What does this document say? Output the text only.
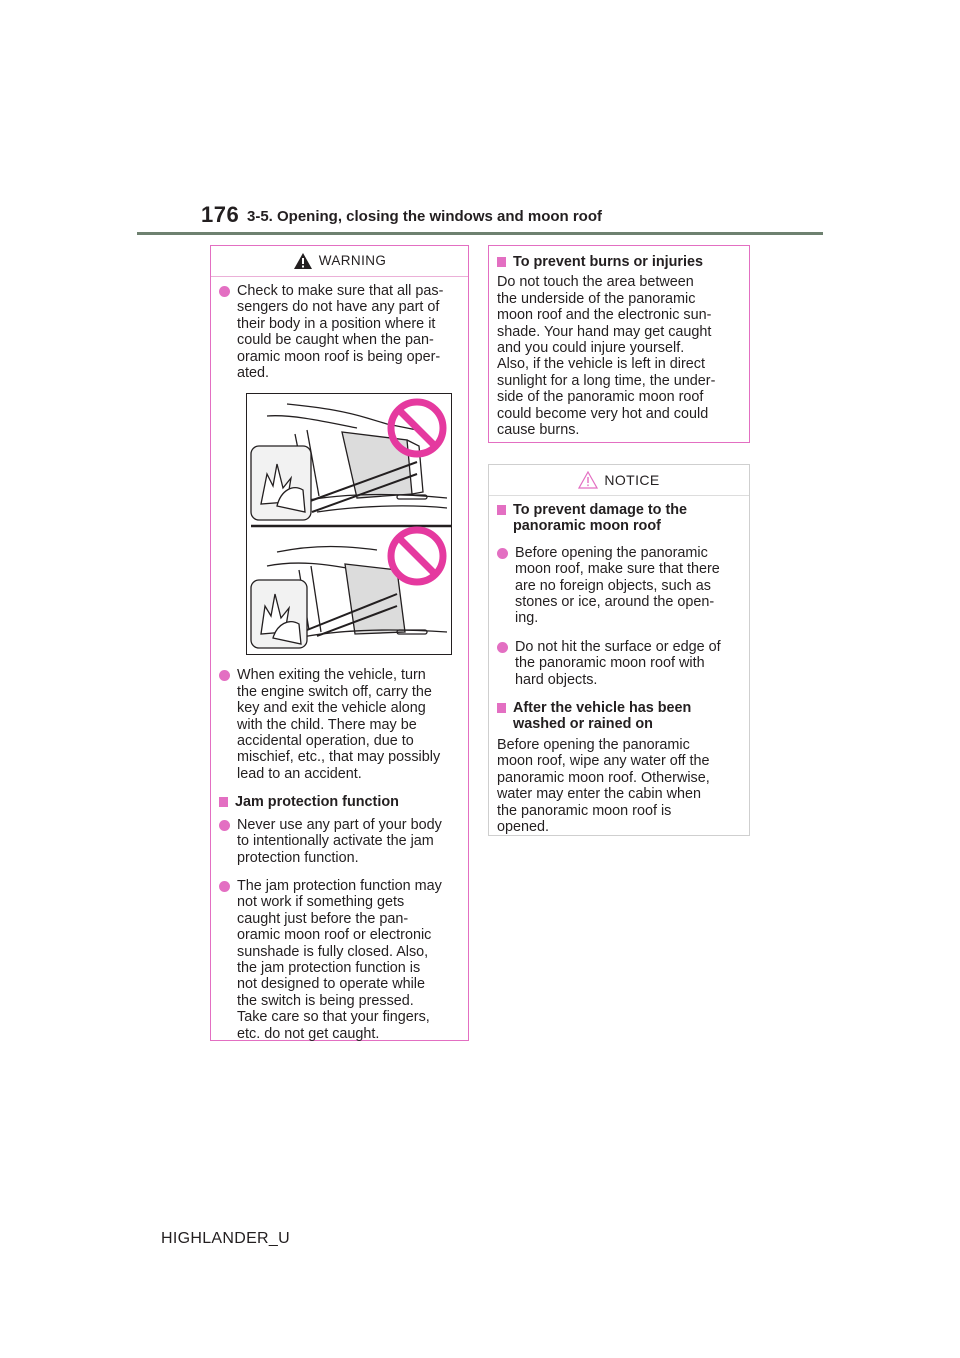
176 3-5. Opening, closing the windows and moon roof
WARNING

Check to make sure that all pas-
sengers do not have any part of
their body in a position where it
could be caught when the pan-
oramic moon roof is being oper-
ated.

When exiting the vehicle, turn
the engine switch off, carry the
key and exit the vehicle along
with the child. There may be
accidental operation, due to
mischief, etc., that may possibly
lead to an accident.

Jam protection function

Never use any part of your body
to intentionally activate the jam
protection function.

The jam protection function may
not work if something gets
caught just before the pan-
oramic moon roof or electronic
sunshade is fully closed. Also,
the jam protection function is
not designed to operate while
the switch is being pressed.
Take care so that your fingers,
etc. do not get caught.

To prevent burns or injuries

Do not touch the area between
the underside of the panoramic
moon roof and the electronic sun-
shade. Your hand may get caught
and you could injure yourself.
Also, if the vehicle is left in direct
sunlight for a long time, the under-
side of the panoramic moon roof
could become very hot and could
cause burns.

NOTICE
To prevent damage to the
panoramic moon roof

Before opening the panoramic
moon roof, make sure that there
are no foreign objects, such as
stones or ice, around the open-
ing.

Do not hit the surface or edge of
the panoramic moon roof with
hard objects.

After the vehicle has been
washed or rained on

Before opening the panoramic
moon roof, wipe any water off the
panoramic moon roof. Otherwise,
water may enter the cabin when
the panoramic moon roof is
opened.

HIGHLANDER_U
